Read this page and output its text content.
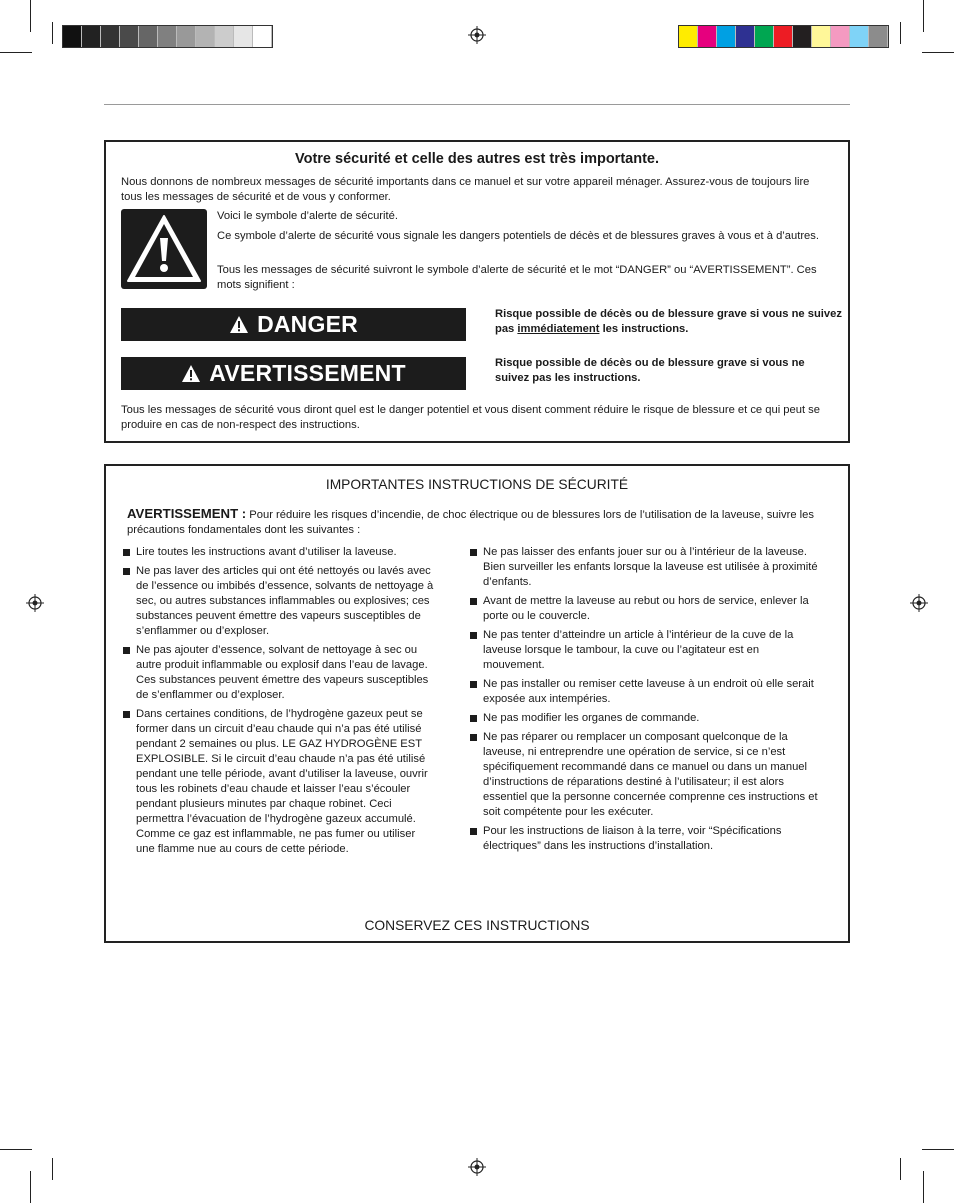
Votre sécurité et celle des autres est très importante.
Nous donnons de nombreux messages de sécurité importants dans ce manuel et sur votre appareil ménager. Assurez-vous de toujours lire tous les messages de sécurité et de vous y conformer.
Voici le symbole d’alerte de sécurité.
Ce symbole d’alerte de sécurité vous signale les dangers potentiels de décès et de blessures graves à vous et à d’autres.
Tous les messages de sécurité suivront le symbole d’alerte de sécurité et le mot “DANGER” ou “AVERTISSEMENT”. Ces mots signifient :
DANGER	Risque possible de décès ou de blessure grave si vous ne suivez pas immédiatement les instructions.
AVERTISSEMENT	Risque possible de décès ou de blessure grave si vous ne suivez pas les instructions.
Tous les messages de sécurité vous diront quel est le danger potentiel et vous disent comment réduire le risque de blessure et ce qui peut se produire en cas de non-respect des instructions.
IMPORTANTES INSTRUCTIONS DE SÉCURITÉ
AVERTISSEMENT : Pour réduire les risques d’incendie, de choc électrique ou de blessures lors de l’utilisation de la laveuse, suivre les précautions fondamentales dont les suivantes :
Lire toutes les instructions avant d’utiliser la laveuse.
Ne pas laver des articles qui ont été nettoyés ou lavés avec de l’essence ou imbibés d’essence, solvants de nettoyage à sec, ou autres substances inflammables ou explosives; ces substances peuvent émettre des vapeurs susceptibles de s’enflammer ou d’exploser.
Ne pas ajouter d’essence, solvant de nettoyage à sec ou autre produit inflammable ou explosif dans l’eau de lavage. Ces substances peuvent émettre des vapeurs susceptibles de s’enflammer ou d’exploser.
Dans certaines conditions, de l’hydrogène gazeux peut se former dans un circuit d’eau chaude qui n’a pas été utilisé pendant 2 semaines ou plus. LE GAZ HYDROGÈNE EST EXPLOSIBLE. Si le circuit d’eau chaude n’a pas été utilisé pendant une telle période, avant d’utiliser la laveuse, ouvrir tous les robinets d’eau chaude et laisser l’eau s’écouler pendant plusieurs minutes par chaque robinet. Ceci permettra l’évacuation de l’hydrogène gazeux accumulé. Comme ce gaz est inflammable, ne pas fumer ou utiliser une flamme nue au cours de cette période.
Ne pas laisser des enfants jouer sur ou à l’intérieur de la laveuse. Bien surveiller les enfants lorsque la laveuse est utilisée à proximité d’enfants.
Avant de mettre la laveuse au rebut ou hors de service, enlever la porte ou le couvercle.
Ne pas tenter d’atteindre un article à l’intérieur de la cuve de la laveuse lorsque le tambour, la cuve ou l’agitateur est en mouvement.
Ne pas installer ou remiser cette laveuse à un endroit où elle serait exposée aux intempéries.
Ne pas modifier les organes de commande.
Ne pas réparer ou remplacer un composant quelconque de la laveuse, ni entreprendre une opération de service, si ce n’est spécifiquement recommandé dans ce manuel ou dans un manuel d’instructions de réparations destiné à l’utilisateur; il est alors essentiel que la personne concernée comprenne ces instructions et soit compétente pour les exécuter.
Pour les instructions de liaison à la terre, voir “Spécifications électriques” dans les instructions d’installation.
CONSERVEZ CES INSTRUCTIONS
